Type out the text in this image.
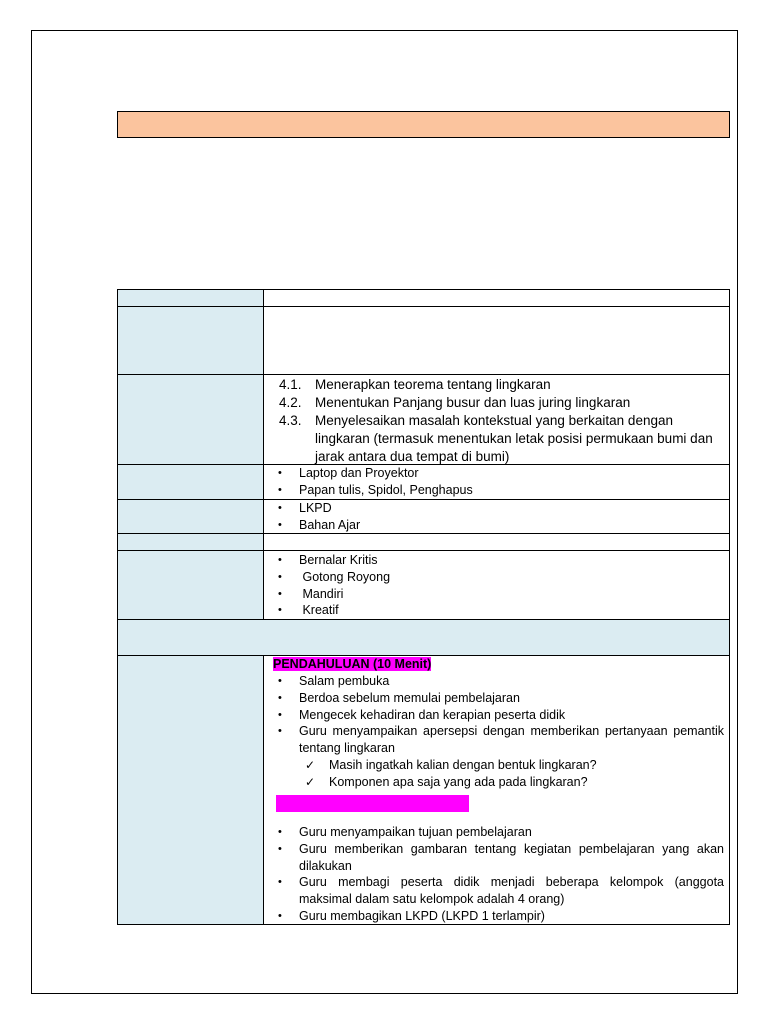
4.1. Menerapkan teorema tentang lingkaran
4.2. Menentukan Panjang busur dan luas juring lingkaran
4.3. Menyelesaikan masalah kontekstual yang berkaitan dengan lingkaran (termasuk menentukan letak posisi permukaan bumi dan jarak antara dua tempat di bumi)
• Laptop dan Proyektor
• Papan tulis, Spidol, Penghapus
• LKPD
• Bahan Ajar
• Bernalar Kritis
• Gotong Royong
• Mandiri
• Kreatif
PENDAHULUAN (10 Menit)
• Salam pembuka
• Berdoa sebelum memulai pembelajaran
• Mengecek kehadiran dan kerapian peserta didik
• Guru menyampaikan apersepsi dengan memberikan pertanyaan pemantik tentang lingkaran
✓ Masih ingatkah kalian dengan bentuk lingkaran?
✓ Komponen apa saja yang ada pada lingkaran?
• Guru menyampaikan tujuan pembelajaran
• Guru memberikan gambaran tentang kegiatan pembelajaran yang akan dilakukan
• Guru membagi peserta didik menjadi beberapa kelompok (anggota maksimal dalam satu kelompok adalah 4 orang)
• Guru membagikan LKPD (LKPD 1 terlampir)
